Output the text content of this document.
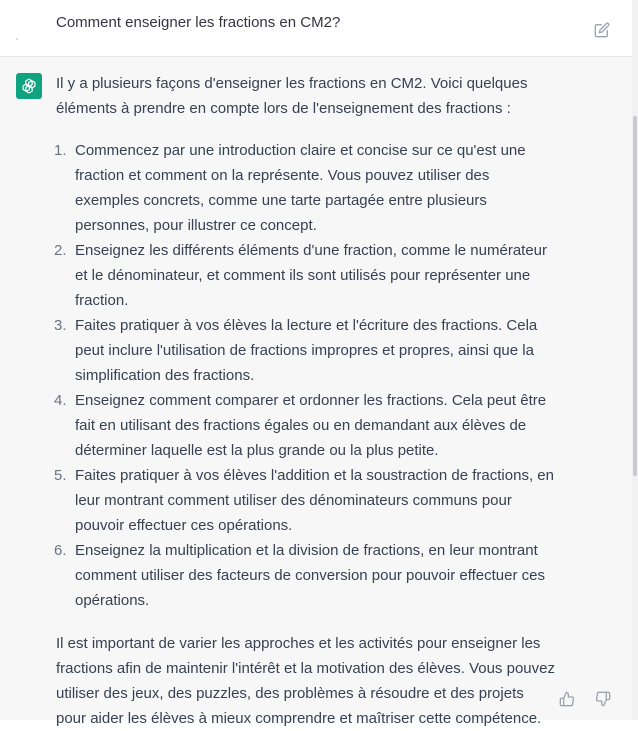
Comment enseigner les fractions en CM2?

Il y a plusieurs façons d'enseigner les fractions en CM2. Voici quelques éléments à prendre en compte lors de l'enseignement des fractions :

1. Commencez par une introduction claire et concise sur ce qu'est une fraction et comment on la représente. Vous pouvez utiliser des exemples concrets, comme une tarte partagée entre plusieurs personnes, pour illustrer ce concept.
2. Enseignez les différents éléments d'une fraction, comme le numérateur et le dénominateur, et comment ils sont utilisés pour représenter une fraction.
3. Faites pratiquer à vos élèves la lecture et l'écriture des fractions. Cela peut inclure l'utilisation de fractions impropres et propres, ainsi que la simplification des fractions.
4. Enseignez comment comparer et ordonner les fractions. Cela peut être fait en utilisant des fractions égales ou en demandant aux élèves de déterminer laquelle est la plus grande ou la plus petite.
5. Faites pratiquer à vos élèves l'addition et la soustraction de fractions, en leur montrant comment utiliser des dénominateurs communs pour pouvoir effectuer ces opérations.
6. Enseignez la multiplication et la division de fractions, en leur montrant comment utiliser des facteurs de conversion pour pouvoir effectuer ces opérations.

Il est important de varier les approches et les activités pour enseigner les fractions afin de maintenir l'intérêt et la motivation des élèves. Vous pouvez utiliser des jeux, des puzzles, des problèmes à résoudre et des projets pour aider les élèves à mieux comprendre et maîtriser cette compétence.
